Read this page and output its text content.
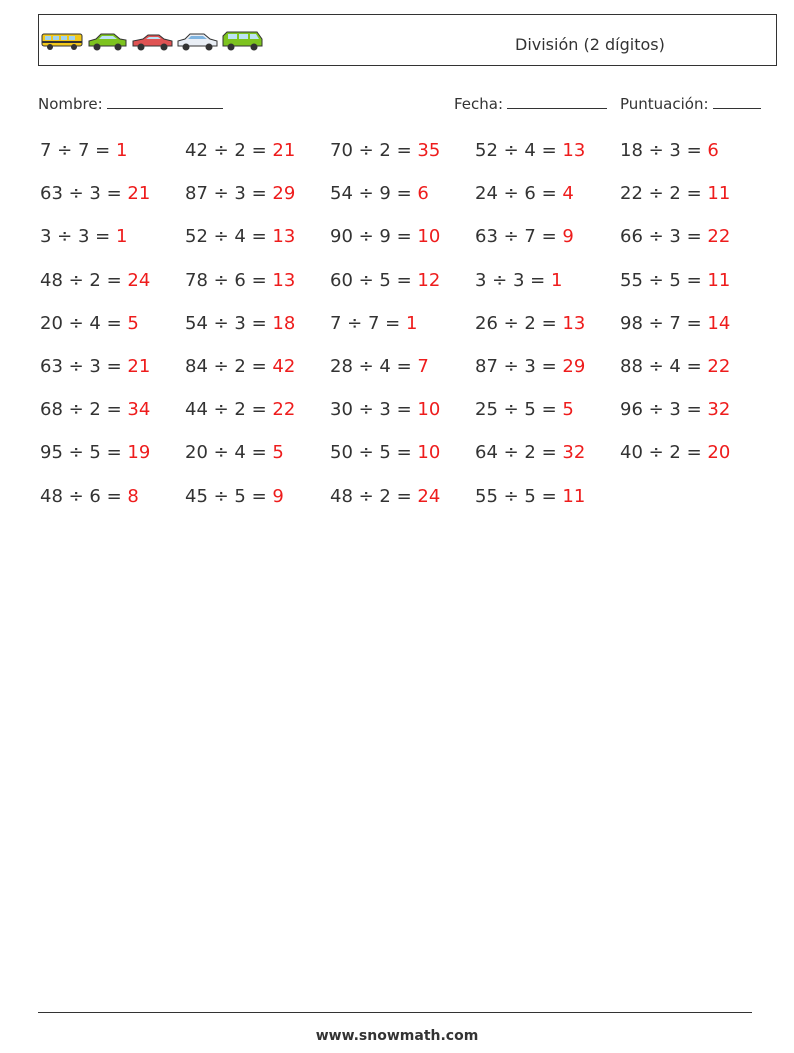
División (2 dígitos)
Nombre:	Fecha:	Puntuación:
7 ÷ 7 = 1	42 ÷ 2 = 21 70 ÷ 2 = 35 52 ÷ 4 = 13 18 ÷ 3 = 6
63 ÷ 3 = 21 87 ÷ 3 = 29 54 ÷ 9 = 6	24 ÷ 6 = 4	22 ÷ 2 = 11
3 ÷ 3 = 1	52 ÷ 4 = 13 90 ÷ 9 = 10 63 ÷ 7 = 9	66 ÷ 3 = 22
48 ÷ 2 = 24 78 ÷ 6 = 13 60 ÷ 5 = 12 3 ÷ 3 = 1	55 ÷ 5 = 11
20 ÷ 4 = 5	54 ÷ 3 = 18 7 ÷ 7 = 1	26 ÷ 2 = 13 98 ÷ 7 = 14
63 ÷ 3 = 21 84 ÷ 2 = 42 28 ÷ 4 = 7	87 ÷ 3 = 29 88 ÷ 4 = 22
68 ÷ 2 = 34 44 ÷ 2 = 22 30 ÷ 3 = 10 25 ÷ 5 = 5	96 ÷ 3 = 32
95 ÷ 5 = 19 20 ÷ 4 = 5	50 ÷ 5 = 10 64 ÷ 2 = 32 40 ÷ 2 = 20
48 ÷ 6 = 8	45 ÷ 5 = 9	48 ÷ 2 = 24 55 ÷ 5 = 11
www.snowmath.com
